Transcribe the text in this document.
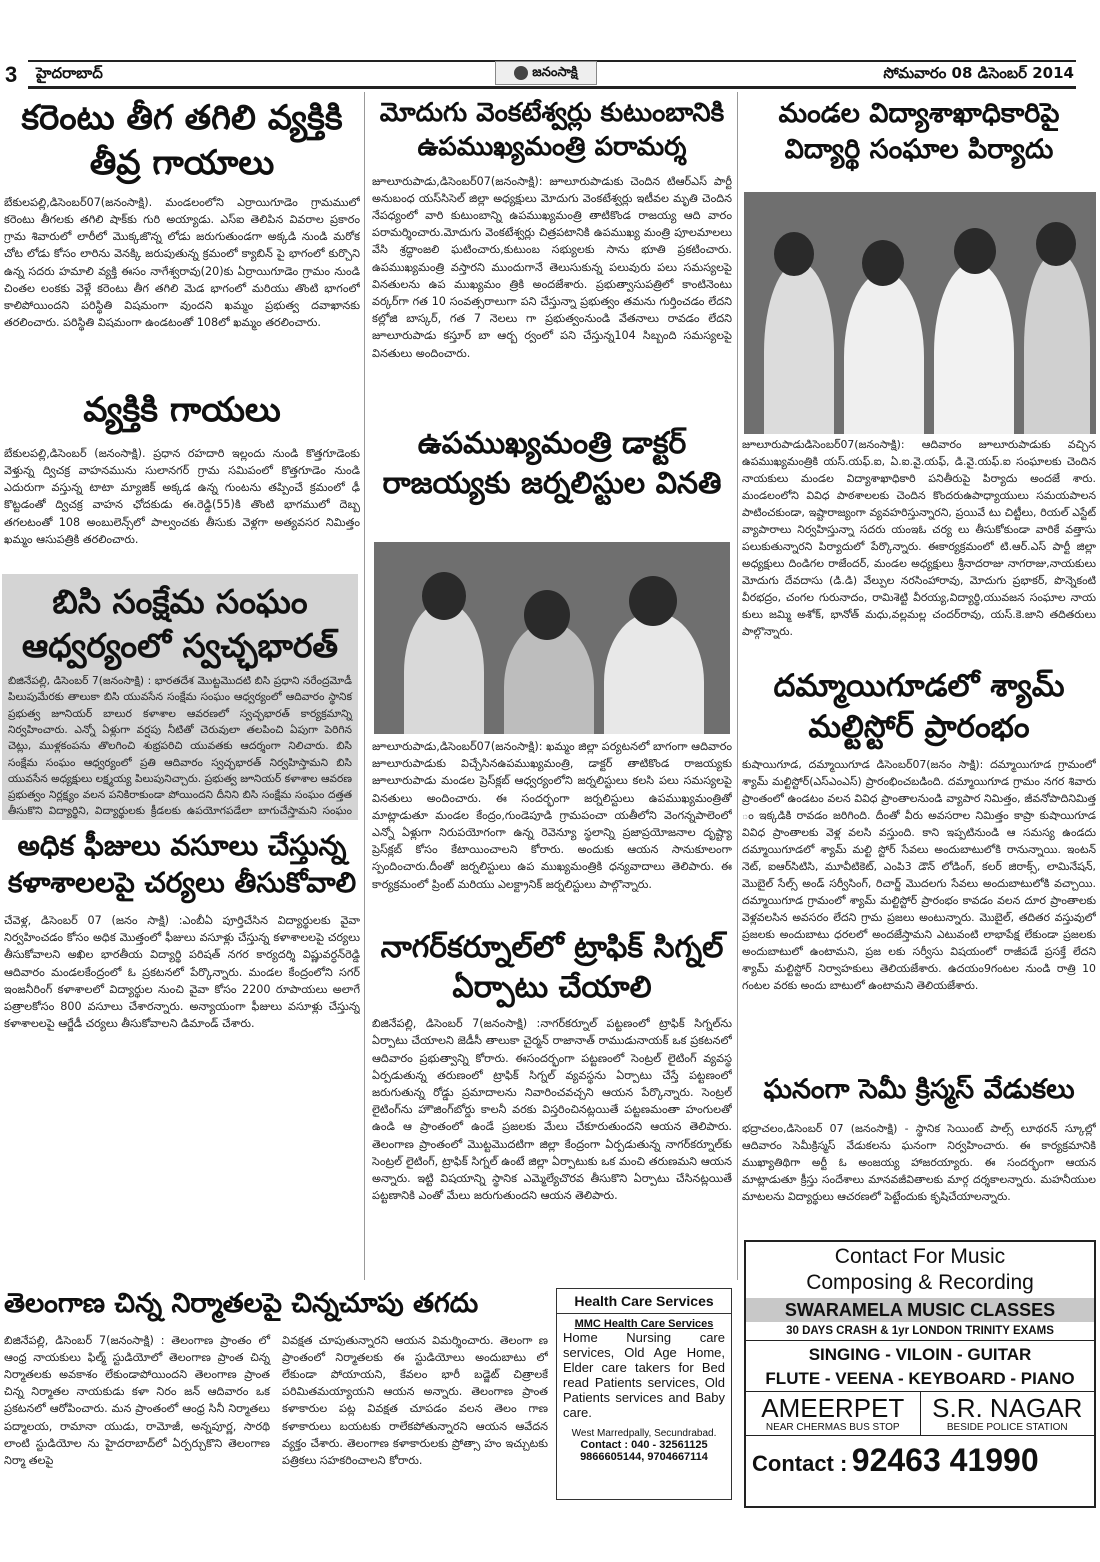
3 హైదరాబాద్	జనంసాక్షి	సోమవారం 08 డిసెంబర్ 2014
కరెంటు తీగ తగిలి వ్యక్తికి తీవ్ర గాయాలు
బేకులపల్లి,డిసెంబర్07(జనంసాక్షి). మండలంలోని ఎర్రాయిగూడెం గ్రామములో కరెంటు తీగలకు తగిలి షాక్‌కు గురి అయ్యాడు. ఎస్‌ఐ తెలిపిన వివరాల ప్రకారం గ్రామ శివారులో లారీలో మొక్కజొన్న లోడు జరుగుతుండగా అక్కడి నుండి మరోక చోట లోడు కోసం లారిను వెనక్కి జరుపుతున్న క్రమంలో క్యాబిన్ పై భాగంలో కుర్చొని ఉన్న సదరు హమాలి వ్యక్తి ఈసం నాగేశ్వరావు(20)కు ఏర్రాయిగూడెం గ్రామం నుండి చింతల లంకకు వెళ్లే కరెంటు తీగ తగిలి మెడ భాగంలో మరియు తొంటి భాగంలో కాలిపోయిందని పరిస్థితి విషమంగా వుందని ఖమ్మం ప్రభుత్వ దవాఖానకు తరలించారు. పరిస్థితి విషమంగా ఉండటంతో 108లో ఖమ్మం తరలించారు.
వ్యక్తికి గాయలు
బేకులపల్లి,డిసెంబర్ (జనంసాక్షి). ప్రధాన రహదారి ఇల్లందు నుండి కొత్తగూడెంకు వెళ్తున్న ద్విచక్ర వాహనమును సులానగర్ గ్రామ సమిపంలో కొత్తగూడెం నుండి ఎదురుగా వస్తున్న టాటా మ్యాజిక్ అక్కడ ఉన్న గుంటను తప్పించే క్రమంలో ఢీ కొట్టడంతో ద్విచక్ర వాహన ఛోదకుడు ఈ.రెడ్డి(55)కి తొంటి భాగములో దెబ్బ తగలటంతో 108 అంబులెన్స్‌లో పాల్వంచకు తీసుకు వెళ్లగా అత్యవసర నిమిత్తం ఖమ్మం ఆసుపత్రికి తరలించారు.
బిసి సంక్షేమ సంఘం ఆధ్వర్యంలో స్వచ్ఛభారత్
బిజినేపల్లి, డిసెంబర్ 7(జనంసాక్షి) : భారతదేశ మొట్టమొదటి బిసి ప్రధాని నరేంద్రమోడీ పిలుపుమేరకు తాలుకా బిసి యువసేన సంక్షేమ సంఘం ఆధ్వర్యంలో ఆదివారం స్థానిక ప్రభుత్వ జూనియర్ బాలుర కళాశాల ఆవరణలో స్వచ్ఛభారత్ కార్యక్రమాన్ని నిర్వహించారు. ఎన్నో ఏళ్లుగా వర్షపు నీటితో చెరువులా తలపించి ఏపుగా పెరిగిన చెట్లు, ముళ్లకంపను తొలగించి శుభ్రపరిచి యువతకు ఆదర్శంగా నిలిచారు. బిసి సంక్షేమ సంఘం ఆధ్వర్యంలో ప్రతి ఆదివారం స్వచ్ఛభారత్ నిర్వహిస్తామని బిసి యువసేన అధ్యక్షులు లక్ష్మయ్య పిలుపునిచ్చారు. ప్రభుత్వ జూనియర్ కళాశాల ఆవరణ ప్రభుత్వం నిర్లక్ష్యం వలన పనికిరాకుండా పోయిందని దీనిని బిసి సంక్షేమ సంఘం దత్తత తీసుకొని విద్యార్థిని, విద్యార్థులకు క్రీడలకు ఉపయోగపడేలా బాగుచేస్తామని సంఘం
అధిక ఫీజులు వసూలు చేస్తున్న కళాశాలలపై చర్యలు తీసుకోవాలి
చేవెళ్ల, డిసెంబర్ 07 (జనం సాక్షి) :ఎంబీఏ పూర్తిచేసిన విద్యార్థులకు వైవా నిర్వహించడం కోసం అధిక మొత్తంలో ఫీజులు వసూళ్లు చేస్తున్న కళాశాలలపై చర్యలు తీసుకోవాలని అఖిల భారతీయ విద్యార్థి పరిషత్ నగర కార్యదర్శి విష్ణువర్ధన్‌రెడ్డి ఆదివారం మండలకేంద్రంలో ఓ ప్రకటనలో పేర్కొన్నారు. మండల కేంద్రంలోని సగర్ ఇంజనీరింగ్ కళాశాలలో విద్యార్థుల నుంచి వైవా కోసం 2200 రూపాయలు అలాగే పత్రాలకోసం 800 వసూలు చేశారన్నారు. అన్యాయంగా ఫీజులు వసూళ్లు చేస్తున్న కళాశాలలపై ఆర్జేడీ చర్యలు తీసుకోవాలని డిమాండ్ చేశారు.
మోదుగు వెంకటేశ్వర్లు కుటుంబానికి ఉపముఖ్యమంత్రి పరామర్శ
జూలూరుపాడు,డిసెంబర్07(జనంసాక్షి): జూలూరుపాడుకు చెందిన టిఆర్ఎస్ పార్టీ అనుబంధ యస్‌సిసెల్ జిల్లా అధ్యక్షులు మోదుగు వెంకటేశ్వర్లు ఇటీవల మృతి చెందిన నేపధ్యంలో వారి కుటుంబాన్ని ఉపముఖ్యమంత్రి తాటికొండ రాజయ్య ఆది వారం పరామర్శించారు.మోదుగు వెంకటేశ్వర్లు చిత్రపటానికి ఉపముఖ్య మంత్రి పూలమాలలు వేసి శ్రద్ధాంజలి ఘటించారు,కుటుంబ సభ్యులకు సాను భూతి ప్రకటించారు. ఉపముఖ్యమంత్రి వస్తారని ముందుగానే తెలుసుకున్న పలువురు పలు సమస్యలపై వినతులను ఉప ముఖ్యమం త్రికి అందజేశారు. ప్రభుత్వాసుపత్రిలో కాంటినెంటు వర్కర్‌గా గత 10 సంవత్సరాలుగా పని చేస్తున్నా ప్రభుత్వం తమను గుర్తించడం లేదని కల్లోజి బాస్కర్, గత 7 నెలలు గా ప్రభుత్వంనుండి వేతనాలు రావడం లేదని జూలూరుపాడు కస్తూర్ బా ఆర్బ ర్వంలో పని చేస్తున్న104 సిబ్బంది సమస్యలపై వినతులు అందించారు.
ఉపముఖ్యమంత్రి డాక్టర్ రాజయ్యకు జర్నలిస్టుల వినతి
జూలూరుపాడు,డిసెంబర్07(జనంసాక్షి): ఖమ్మం జిల్లా పర్యటనలో బాగంగా ఆదివారం జూలూరుపాడుకు విచ్చేసినఉపముఖ్యమంత్రి, డాక్టర్ తాటికొండ రాజయ్యకు జూలూరుపాడు మండల ప్రెస్‌క్లబ్ ఆధ్వర్యంలోని జర్నలిస్టులు కలసి పలు సమస్యలపై వినతులు అందించారు. ఈ సందర్భంగా జర్నలిస్టులు ఉపముఖ్యమంత్రితో మాట్లాడుతూ మండల కేంద్రం,గుండెపూడి గ్రామపంచా యతీలోని వెంగన్నపాలెంలో ఎన్నో ఏళ్లుగా నిరుపయోగంగా ఉన్న రెవెన్యూ స్థలాన్ని ప్రజాప్రయోజనాల దృష్ట్యా ప్రెస్‌క్లబ్ కోసం కేటాయించాలని కోరారు. అందుకు ఆయన సానుకూలంగా స్పందించారు.దీంతో జర్నలిస్టులు ఉప ముఖ్యమంత్రికి ధన్యవాదాలు తెలిపారు. ఈ కార్యక్రమంలో ప్రింట్ మరియు ఎలక్ట్రానిక్ జర్నలిస్టులు పాల్గొన్నారు.
నాగర్‌కర్నూల్‌లో ట్రాఫిక్ సిగ్నల్ ఏర్పాటు చేయాలి
బిజినేపల్లి, డిసెంబర్ 7(జనంసాక్షి) :నాగర్‌కర్నూల్ పట్టణంలో ట్రాఫిక్ సిగ్నల్‌ను ఏర్పాటు చేయాలని జెడీసీ తాలుకా చైర్మన్ రాజానాత్ రాముడునాయక్ ఒక ప్రకటనలో ఆదివారం ప్రభుత్వాన్ని కోరారు. ఈసందర్భంగా పట్టణంలో సెంట్రల్ లైటింగ్ వ్యవస్థ ఏర్పడుతున్న తరుణంలో ట్రాఫిక్ సిగ్నల్ వ్యవస్థను ఏర్పాటు చేస్తే పట్టణంలో జరుగుతున్న రోడ్డు ప్రమాదాలను నివారించవచ్చని ఆయన పేర్కొన్నారు. సెంట్రల్ లైటింగ్‌ను హౌజింగ్‌బోర్డు కాలనీ వరకు విస్తరించినట్లయితే పట్టణమంతా హంగులతో ఉండి ఆ ప్రాంతంలో ఉండే ప్రజలకు మేలు చేకూరుతుందని ఆయన తెలిపారు. తెలంగాణ ప్రాంతంలో మొట్టమొదటిగా జిల్లా కేంద్రంగా ఏర్పడుతున్న నాగర్‌కర్నూల్‌కు సెంట్రల్ లైటింగ్, ట్రాఫిక్ సిగ్నల్ ఉంటే జిల్లా ఏర్పాటుకు ఒక మంచి తరుణమని ఆయన అన్నారు. ఇట్టి విషయాన్ని స్థానిక ఎమ్మెల్యేచొరవ తీసుకొని ఏర్పాటు చేసినట్లయితే పట్టణానికి ఎంతో మేలు జరుగుతుందని ఆయన తెలిపారు.
మండల విద్యాశాఖాధికారిపై విద్యార్థి సంఘాల పిర్యాదు
జూలూరుపాడుడిసెంబర్07(జనంసాక్షి): ఆదివారం జూలూరుపాడుకు వచ్చిన ఉపముఖ్యమంత్రికి యస్.యఫ్.ఐ, ఏ.ఐ.వై.యఫ్, డి.వై.యఫ్.ఐ సంఘాలకు చెందిన నాయకులు మండల విద్యాశాఖాధికారి పనితీరుపై పిర్యాదు అందజే శారు. మండలంలోని వివిధ పాఠశాలలకు చెందిన కొందరుఉపాధ్యాయులు సమయపాలన పాటించకుండా, ఇష్టారాజ్యంగా వ్యవహరిస్తున్నారని, ప్రయివే టు చిట్టీలు, రియల్ ఎస్టేట్ వ్యాపారాలు నిర్వహిస్తున్నా సదరు యంఇఓ చర్య లు తీసుకోకుండా వారికే వత్తాసు పలుకుతున్నారని పిర్యాదులో పేర్కొన్నారు. ఈకార్యక్రమంలో టి.ఆర్.ఎస్ పార్టీ జిల్లా అధ్యక్షులు దిండిగల రాజేందర్, మండల అధ్యక్షులు శ్రీనాదరాజు నాగరాజు,నాయకులు మోదుగు దేవదాసు (డి.డి) వేల్పుల నరసింహారావు, మోదుగు ప్రభాకర్, పొన్నెకంటి వీరభద్రం, చంగల గురునాదం, రామిశెట్టి వీరయ్య,విద్యార్థి,యువజన సంఘాల నాయ కులు జమ్మి అశోక్, భానోత్ మధు,వల్లమల్ల చందర్‌రావు, యస్.కె.జాని తదితరులు పాల్గొన్నారు.
దమ్మాయిగూడలో శ్యామ్ మల్టిస్టోర్ ప్రారంభం
కుషాయిగూడ, దమ్మాయిగూడ డిసెంబర్07(జనం సాక్షి): దమ్మాయిగూడ గ్రామంలో శ్యామ్ మల్టిస్టోర్(ఎస్ఎంఎస్) ప్రారంభించబడింది. దమ్మాయిగూడ గ్రామం నగర శివారు ప్రాంతంలో ఉండటం వలన వివిధ ప్రాంతాలనుండి వ్యాపార నిమిత్తం, జీవనోపాదినిమిత్త ం ఇక్కడికి రావడం జరిగింది. దీంతో వీరు అవసరాల నిమిత్తం కాప్రా కుషాయిగూడ వివిధ ప్రాంతాలకు వెళ్ల వలసి వస్తుంది. కాని ఇప్పటినుండి ఆ సమస్య ఉండదు దమ్మాయిగూడలో శ్యామ్ మల్టి స్టోర్ సేవలు అందుబాటులోకి రానున్నాయి. ఇంటన్ నెట్, ఐఆర్‌సిటిసి, మూవీటికెట్, ఎంపి3 డౌన్ లోడింగ్, కలర్ జిరాక్స్, లామినేషన్, మొబైల్ సేల్స్ అండ్ సర్వీసింగ్, రిచార్జ్ మొదలగు సేవలు అందుబాటులోకి వచ్చాయి. దమ్మాయిగూడ గ్రామంలో శ్యామ్ మల్టిస్టోర్ ప్రారంభం కావడం వలన దూర ప్రాంతాలకు వెళ్లవలసిన అవసరం లేదని గ్రామ ప్రజలు అంటున్నారు. మొబైల్, తదితర వస్తువులో ప్రజలకు అందుబాటు ధరలలో అందజేస్తామని ఎటువంటి లాభాపేక్ష లేకుండా ప్రజలకు అందుబాటులో ఉంటామని, ప్రజ లకు సర్వీసు విషయంలో రాజీపడే ప్రసక్తే లేదని శ్యామ్ మల్టిస్టోర్ నిర్వాహకులు తెలియజేశారు. ఉదయం9గంటల నుండి రాత్రి 10 గంటల వరకు అందు బాటులో ఉంటామని తెలియజేశారు.
ఘనంగా సెమీ క్రిస్మస్ వేడుకలు
భద్రాచలం,డిసెంబర్ 07 (జనంసాక్షి) - స్థానిక సెయింట్ పాల్స్ లూథరన్ స్కూల్లో ఆదివారం సెమీక్రిస్మస్ వేడుకలను ఘనంగా నిర్వహించారు. ఈ కార్యక్రమానికి ముఖ్యాతిథిగా అర్టీ ఓ అంజయ్య హాజరయ్యారు. ఈ సందర్భంగా ఆయన మాట్లాడుతూ క్రీస్తు సందేశాలు మానవజీవితాలకు మార్గ దర్శకాలన్నారు. మహనీయుల మాటలను విద్యార్థులు ఆచరణలో పెట్టేందుకు కృషిచేయాలన్నారు.
తెలంగాణ చిన్న నిర్మాతలపై చిన్నచూపు తగదు
బిజినేపల్లి, డిసెంబర్ 7(జనంసాక్షి) : తెలంగాణ ప్రాంతం లో ఆంధ్ర నాయకులు ఫిల్మ్ స్టుడియోలో తెలంగాణ ప్రాంత చిన్న నిర్మాతలకు అవకాశం లేకుండాపోయిందని తెలంగాణ ప్రాంత చిన్న నిర్మాతల నాయకుడు కళా నిరం జన్ ఆదివారం ఒక ప్రకటనలో ఆరోపించారు. మన ప్రాంతంలో ఆంధ్ర సినీ నిర్మాతలు పద్మాలయ, రామానా యుడు, రామోజీ, అన్నపూర్ణ, సారథి లాంటి స్టుడియోల ను హైదరాబాద్‌లో ఏర్పర్చుకొని తెలంగాణ నిర్మా తలపై
వివక్షత చూపుతున్నారని ఆయన విమర్శించారు. తెలంగా ణ ప్రాంతంలో నిర్మాతలకు ఈ స్టుడియోలు అందుబాటు లో లేకుండా పోయాయని, కేవలం భారీ బడ్జెట్ చిత్రాలకే పరిమితమయ్యాయని ఆయన అన్నారు. తెలంగాణ ప్రాంత కళాకారుల పట్ల వివక్షత చూపడం వలన తెలం గాణ కళాకారులు బయటకు రాలేకపోతున్నారని ఆయన ఆవేదన వ్యక్తం చేశారు. తెలంగాణ కళాకారులకు ప్రోత్సా హం ఇచ్చుటకు పత్రికలు సహకరించాలని కోరారు.
Health Care Services
MMC Health Care Services
Home Nursing care services, Old Age Home, Elder care takers for Bed read Patients services, Old Patients services and Baby care.
West Marredpally, Secundrabad.
Contact : 040 - 32561125
9866605144, 9704667114
Contact For Music
Composing & Recording
SWARAMELA MUSIC CLASSES
30 DAYS CRASH & 1yr LONDON TRINITY EXAMS
SINGING - VILOIN - GUITAR
FLUTE - VEENA - KEYBOARD - PIANO
AMEERPET
NEAR CHERMAS BUS STOP
S.R. NAGAR
BESIDE POLICE STATION
Contact : 92463 41990
